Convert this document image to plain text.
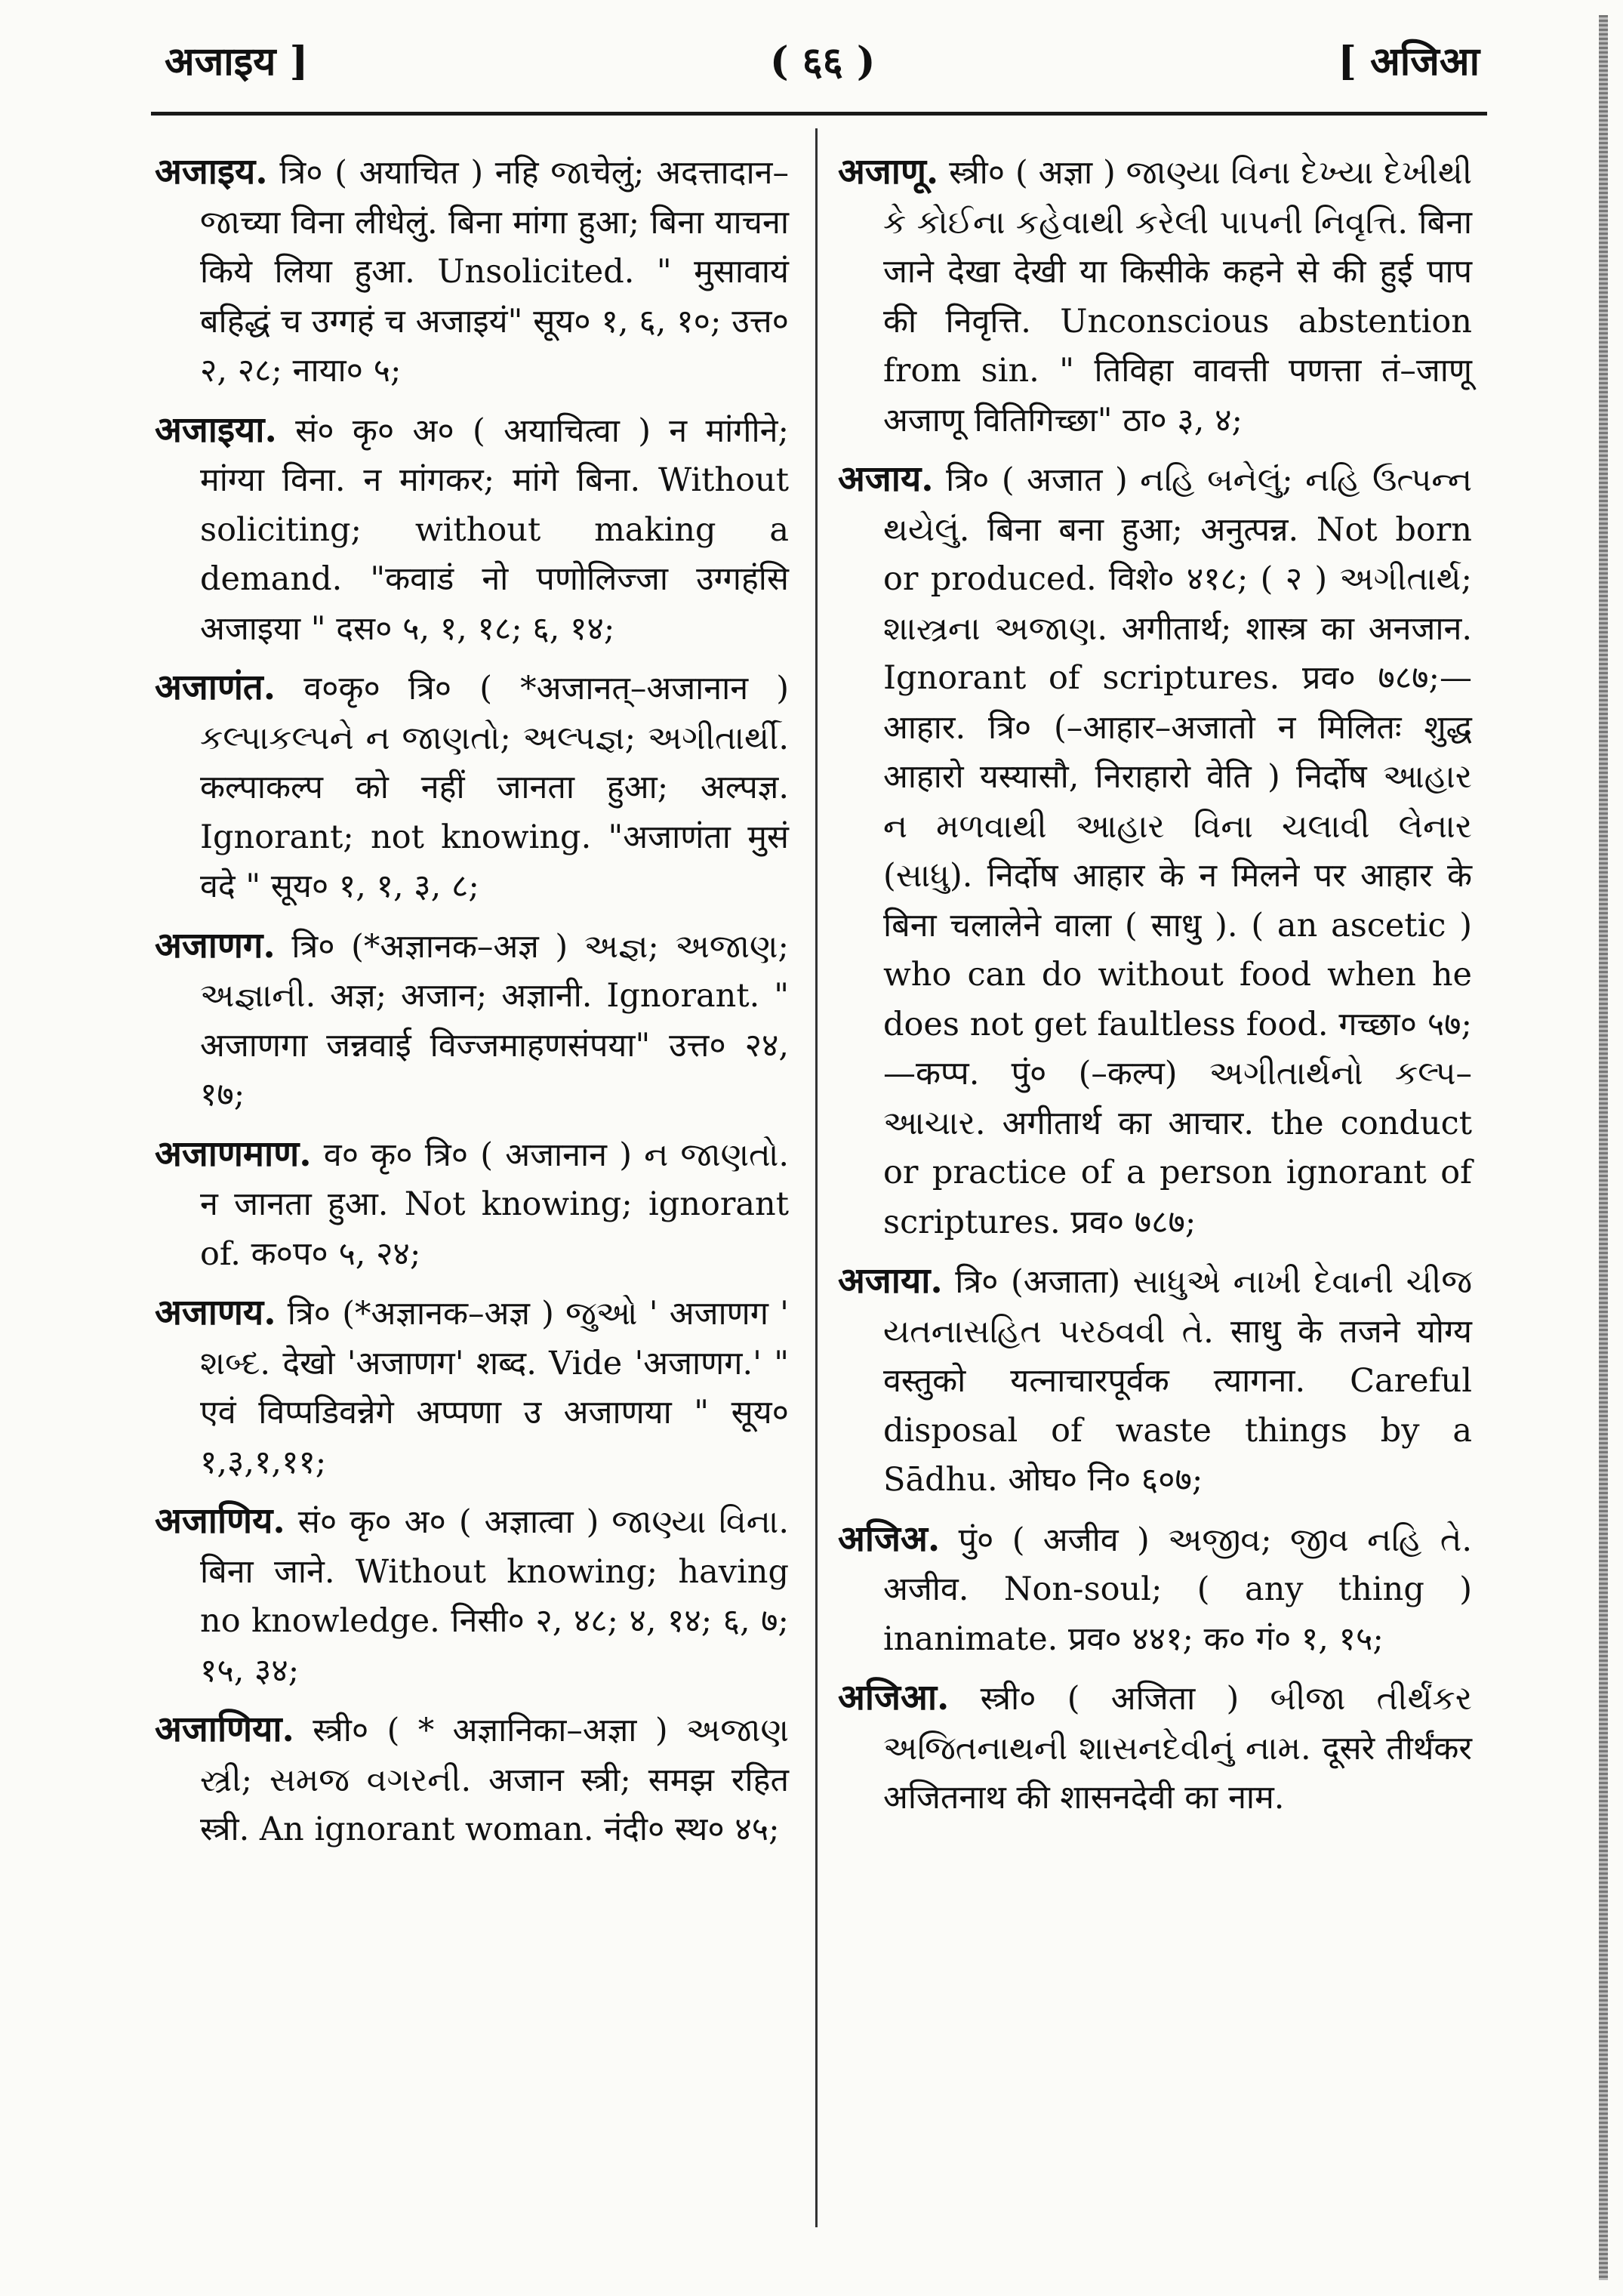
अजाइय ]	( ६६ )	[ अजिआ

अजाइय. त्रि० ( अयाचित ) नहि જાचेलुं; अदत्तादान–જાच्या विना लीधेलुं. बिना मांगा हुआ; बिना याचना किये लिया हुआ. Unsolicited. " मुसावायं बहिद्धं च उग्गहं च अजाइयं" सूय० १, ६, १०; उत्त० २, २८; नाया० ५;

अजाइया. सं० कृ० अ० ( अयाचित्वा ) न मांगीने; मांग्या विना. न मांगकर; मांगे बिना. Without soliciting; without making a demand. "कवाडं नो पणोलिज्जा उग्गहंसि अजाइया " दस० ५, १, १८; ६, १४;

अजाणंत. व०कृ० त्रि० ( *अजानत्–अजानान ) કલ્પાકલ્પને ન જાણતો; અલ્પજ્ઞ; અગીતાર્થી. कल्पाकल्प को नहीं जानता हुआ; अल्पज्ञ. Ignorant; not knowing. "अजाणंता मुसं वदे " सूय० १, १, ३, ८;

अजाणग. त्रि० (*अज्ञानक–अज्ञ ) અજ્ઞ; અજાણ; અજ્ઞાની. अज्ञ; अजान; अज्ञानी. Ignorant. " अजाणगा जन्नवाई विज्जमाहणसंपया" उत्त० २४, १७;

अजाणमाण. व० कृ० त्रि० ( अजानान ) ન જાણતો. न जानता हुआ. Not knowing; ignorant of. क०प० ५, २४;

अजाणय. त्रि० (*अज्ञानक–अज्ञ ) જુઓ ' अजाणग ' શબ્દ. देखो 'अजाणग' शब्द. Vide 'अजाणग.' " एवं विप्पडिवन्नेगे अप्पणा उ अजाणया " सूय० १,३,१,११;

अजाणिय. सं० कृ० अ० ( अज्ञात्वा ) જાણ્યા વિના. बिना जाने. Without knowing; having no knowledge. निसी० २, ४८; ४, १४; ६, ७; १५, ३४;

अजाणिया. स्त्री० ( * अज्ञानिका–अज्ञा ) અજાણ સ્ત્રી; સમજ વગરની. अजान स्त्री; समझ रहित स्त्री. An ignorant woman. नंदी० स्थ० ४५;

अजाणू. स्त्री० ( अज्ञा ) જાણ્યા વિના દેખ્યા દેખીથી કે કોઈના કહેવાથી કરેલી પાપની નિવૃત્તિ. बिना जाने देखा देखी या किसीके कहने से की हुई पाप की निवृत्ति. Unconscious abstention from sin. " तिविहा वावत्ती पणत्ता तं–जाणू अजाणू वितिगिच्छा" ठा० ३, ४;

अजाय. त्रि० ( अजात ) નહિ બનેલું; નહિ ઉત્પન્ન થયેલું. बिना बना हुआ; अनुत्पन्न. Not born or produced. विशे० ४१८; ( २ ) અગીતાર્થ; શાસ્ત્રના અજાણ. अगीतार्थ; शास्त्र का अनजान. Ignorant of scriptures. प्रव० ७८७;—आहार. त्रि० (–आहार–अजातो न मिलितः शुद्ध आहारो यस्यासौ, निराहारो वेति ) निर्दोष આહાર ન મળવાથી આહાર વિના ચલાવી લેનાર (સાધુ). निर्दोष आहार के न मिलने पर आहार के बिना चलालेने वाला ( साधु ). ( an ascetic ) who can do without food when he does not get faultless food. गच्छा० ५७;—कप्प. पुं० (–कल्प) અગીતાર્થનો કલ્પ–આચાર. अगीतार्थ का आचार. the conduct or practice of a person ignorant of scriptures. प्रव० ७८७;

अजाया. त्रि० (अजाता) સાધુએ નાખી દેવાની ચીજ યતનાસહિત પરઠવવી તે. साधु के तजने योग्य वस्तुको यत्नाचारपूर्वक त्यागना. Careful disposal of waste things by a Sādhu. ओघ० नि० ६०७;

अजिअ. पुं० ( अजीव ) અજીવ; જીવ નહિ તે. अजीव. Non-soul; ( any thing ) inanimate. प्रव० ४४१; क० गं० १, १५;

अजिआ. स्त्री० ( अजिता ) બીજા તીર્થંકર અજિતનાથની શાસનદેવીનું નામ. दूसरे तीर्थंकर अजितनाथ की शासनदेवी का नाम.
